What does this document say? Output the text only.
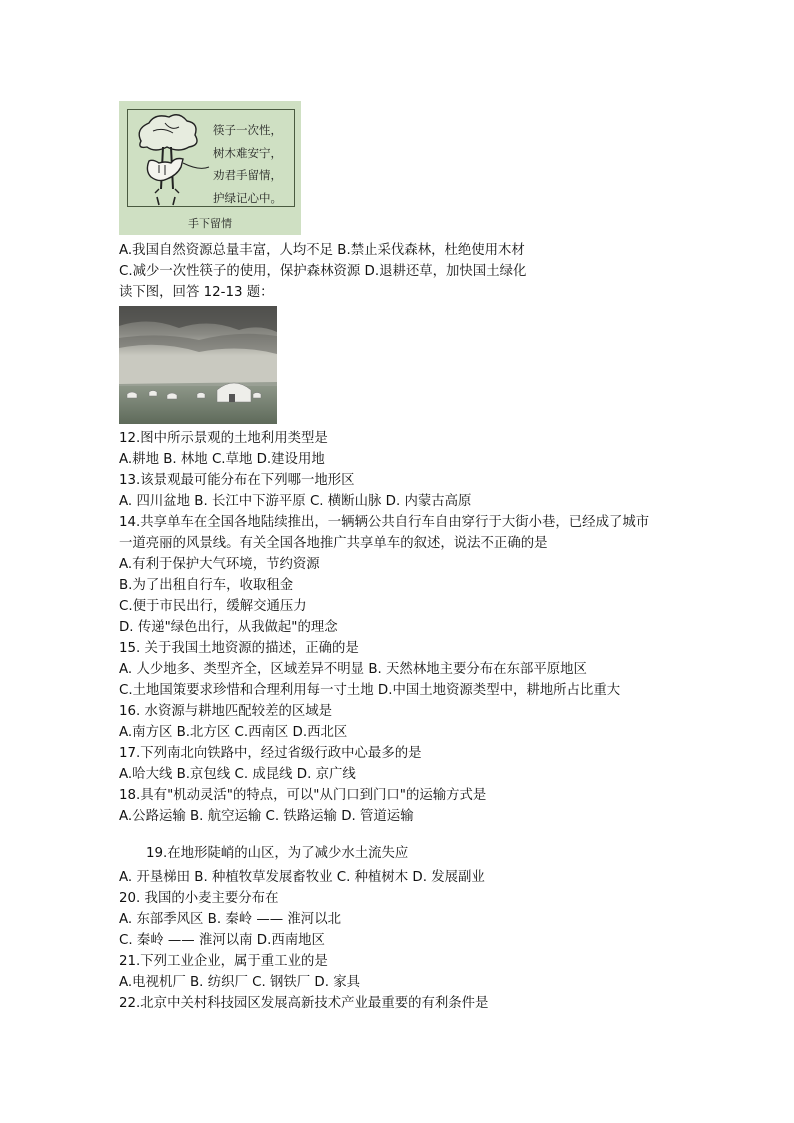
筷子一次性，
树木难安宁，
劝君手留情，
护绿记心中。
手下留情
A.我国自然资源总量丰富，人均不足 B.禁止采伐森林，杜绝使用木材
C.减少一次性筷子的使用，保护森林资源 D.退耕还草，加快国土绿化
读下图，回答 12-13 题：
12.图中所示景观的土地利用类型是
A.耕地 B. 林地 C.草地 D.建设用地
13.该景观最可能分布在下列哪一地形区
A. 四川盆地 B. 长江中下游平原 C. 横断山脉 D. 内蒙古高原
14.共享单车在全国各地陆续推出，一辆辆公共自行车自由穿行于大街小巷，已经成了城市
一道亮丽的风景线。有关全国各地推广共享单车的叙述，说法不正确的是
A.有利于保护大气环境，节约资源
B.为了出租自行车，收取租金
C.便于市民出行，缓解交通压力
D. 传递"绿色出行，从我做起"的理念
15. 关于我国土地资源的描述，正确的是
A. 人少地多、类型齐全，区域差异不明显 B. 天然林地主要分布在东部平原地区
C.土地国策要求珍惜和合理利用每一寸土地 D.中国土地资源类型中，耕地所占比重大
16. 水资源与耕地匹配较差的区域是
A.南方区 B.北方区 C.西南区 D.西北区
17.下列南北向铁路中，经过省级行政中心最多的是
A.哈大线 B.京包线 C. 成昆线 D. 京广线
18.具有"机动灵活"的特点，可以"从门口到门口"的运输方式是
A.公路运输 B. 航空运输 C. 铁路运输 D. 管道运输
19.在地形陡峭的山区，为了减少水土流失应
A. 开垦梯田 B. 种植牧草发展畜牧业 C. 种植树木 D. 发展副业
20. 我国的小麦主要分布在
A. 东部季风区 B. 秦岭 —— 淮河以北
C. 秦岭 —— 淮河以南 D.西南地区
21.下列工业企业，属于重工业的是
A.电视机厂 B. 纺织厂 C. 钢铁厂 D. 家具
22.北京中关村科技园区发展高新技术产业最重要的有利条件是
